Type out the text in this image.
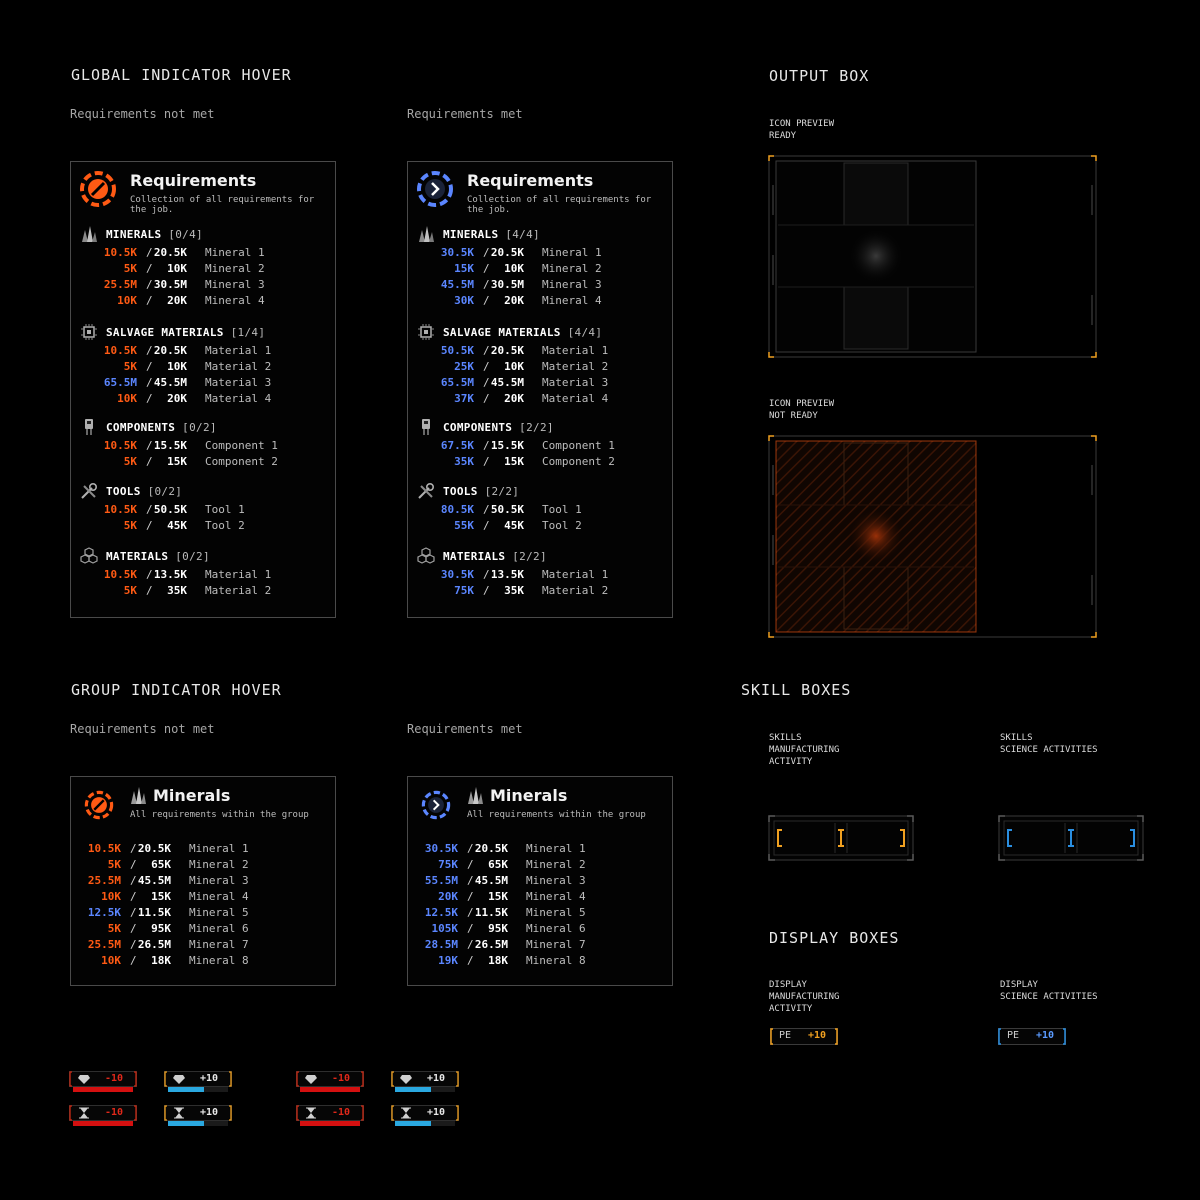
GLOBAL INDICATOR HOVER
GROUP INDICATOR HOVER
OUTPUT BOX
SKILL BOXES
DISPLAY BOXES
Requirements not met	Requirements met
Requirements not met	Requirements met
Requirements
Collection of all requirements for the job.
MINERALS [0/4]
10.5K / 20.5K Mineral 1
5K /	10K Mineral 2
25.5M / 30.5M Mineral 3
10K /	20K Mineral 4
SALVAGE MATERIALS [1/4]
10.5K / 20.5K Material 1
5K /	10K Material 2
65.5M / 45.5M Material 3
10K /	20K Material 4
COMPONENTS [0/2]
10.5K / 15.5K Component 1
5K /	15K Component 2
TOOLS [0/2]
10.5K / 50.5K Tool 1
5K /	45K Tool 2
MATERIALS [0/2]
10.5K / 13.5K Material 1
5K /	35K Material 2
Requirements
Collection of all requirements for the job.
MINERALS [4/4]
30.5K / 20.5K Mineral 1
15K /	10K Mineral 2
45.5M / 30.5M Mineral 3
30K /	20K Mineral 4
SALVAGE MATERIALS [4/4]
50.5K / 20.5K Material 1
25K /	10K Material 2
65.5M / 45.5M Material 3
37K /	20K Material 4
COMPONENTS [2/2]
67.5K / 15.5K Component 1
35K /	15K Component 2
TOOLS [2/2]
80.5K / 50.5K Tool 1
55K /	45K Tool 2
MATERIALS [2/2]
30.5K / 13.5K Material 1
75K /	35K Material 2
Minerals
All requirements within the group
10.5K / 20.5K Mineral 1
5K /	65K Mineral 2
25.5M / 45.5M Mineral 3
10K /	15K Mineral 4
12.5K / 11.5K Mineral 5
5K /	95K Mineral 6
25.5M / 26.5M Mineral 7
10K /	18K Mineral 8
Minerals
All requirements within the group
30.5K / 20.5K Mineral 1
75K /	65K Mineral 2
55.5M / 45.5M Mineral 3
20K /	15K Mineral 4
12.5K / 11.5K Mineral 5
105K /	95K Mineral 6
28.5M / 26.5M Mineral 7
19K /	18K Mineral 8
ICON PREVIEW
READY
ICON PREVIEW
NOT READY
SKILLS
MANUFACTURING
ACTIVITY
SKILLS
SCIENCE ACTIVITIES
DISPLAY
MANUFACTURING
ACTIVITY
DISPLAY
SCIENCE ACTIVITIES
PE +10	PE +10
-10	+10	-10	+10
-10	+10	-10	+10
